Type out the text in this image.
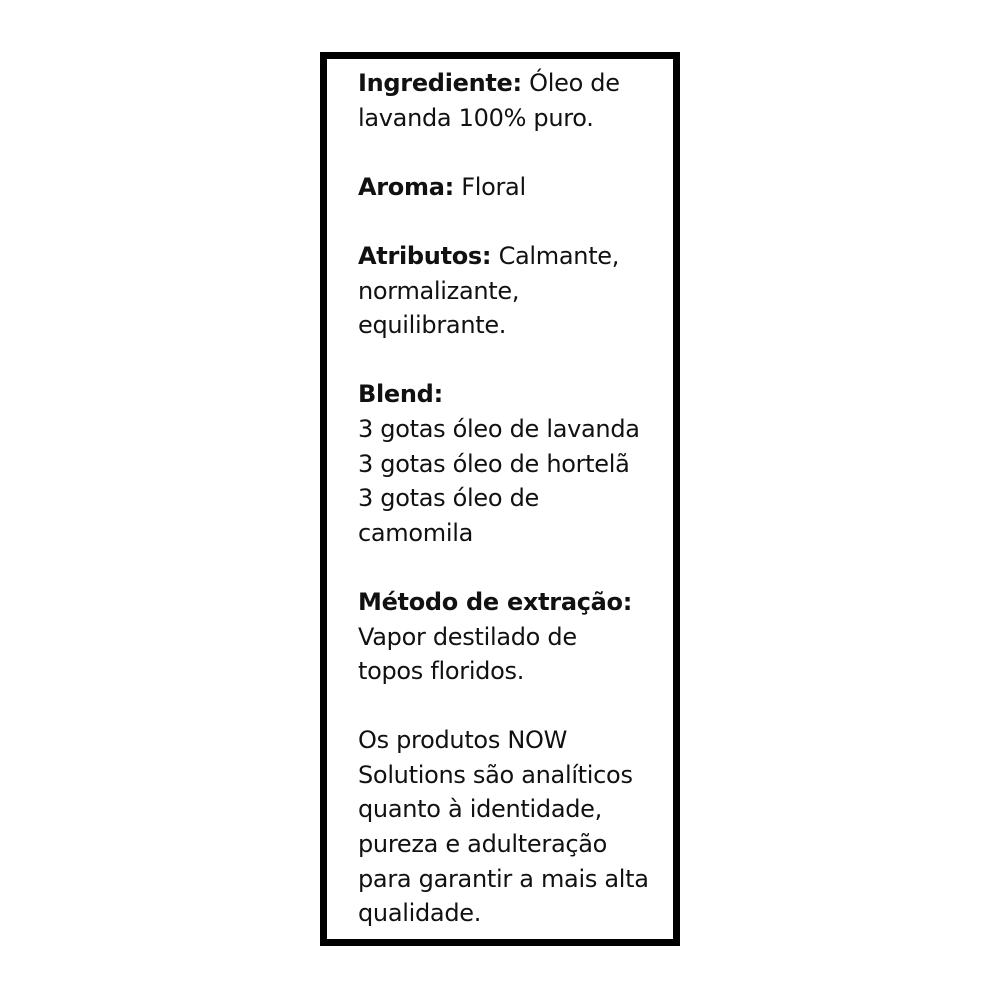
Ingrediente: Óleo de
lavanda 100% puro.
Aroma: Floral
Atributos: Calmante,
normalizante,
equilibrante.
Blend:
3 gotas óleo de lavanda
3 gotas óleo de hortelã
3 gotas óleo de
camomila
Método de extração:
Vapor destilado de
topos floridos.
Os produtos NOW
Solutions são analíticos
quanto à identidade,
pureza e adulteração
para garantir a mais alta
qualidade.
